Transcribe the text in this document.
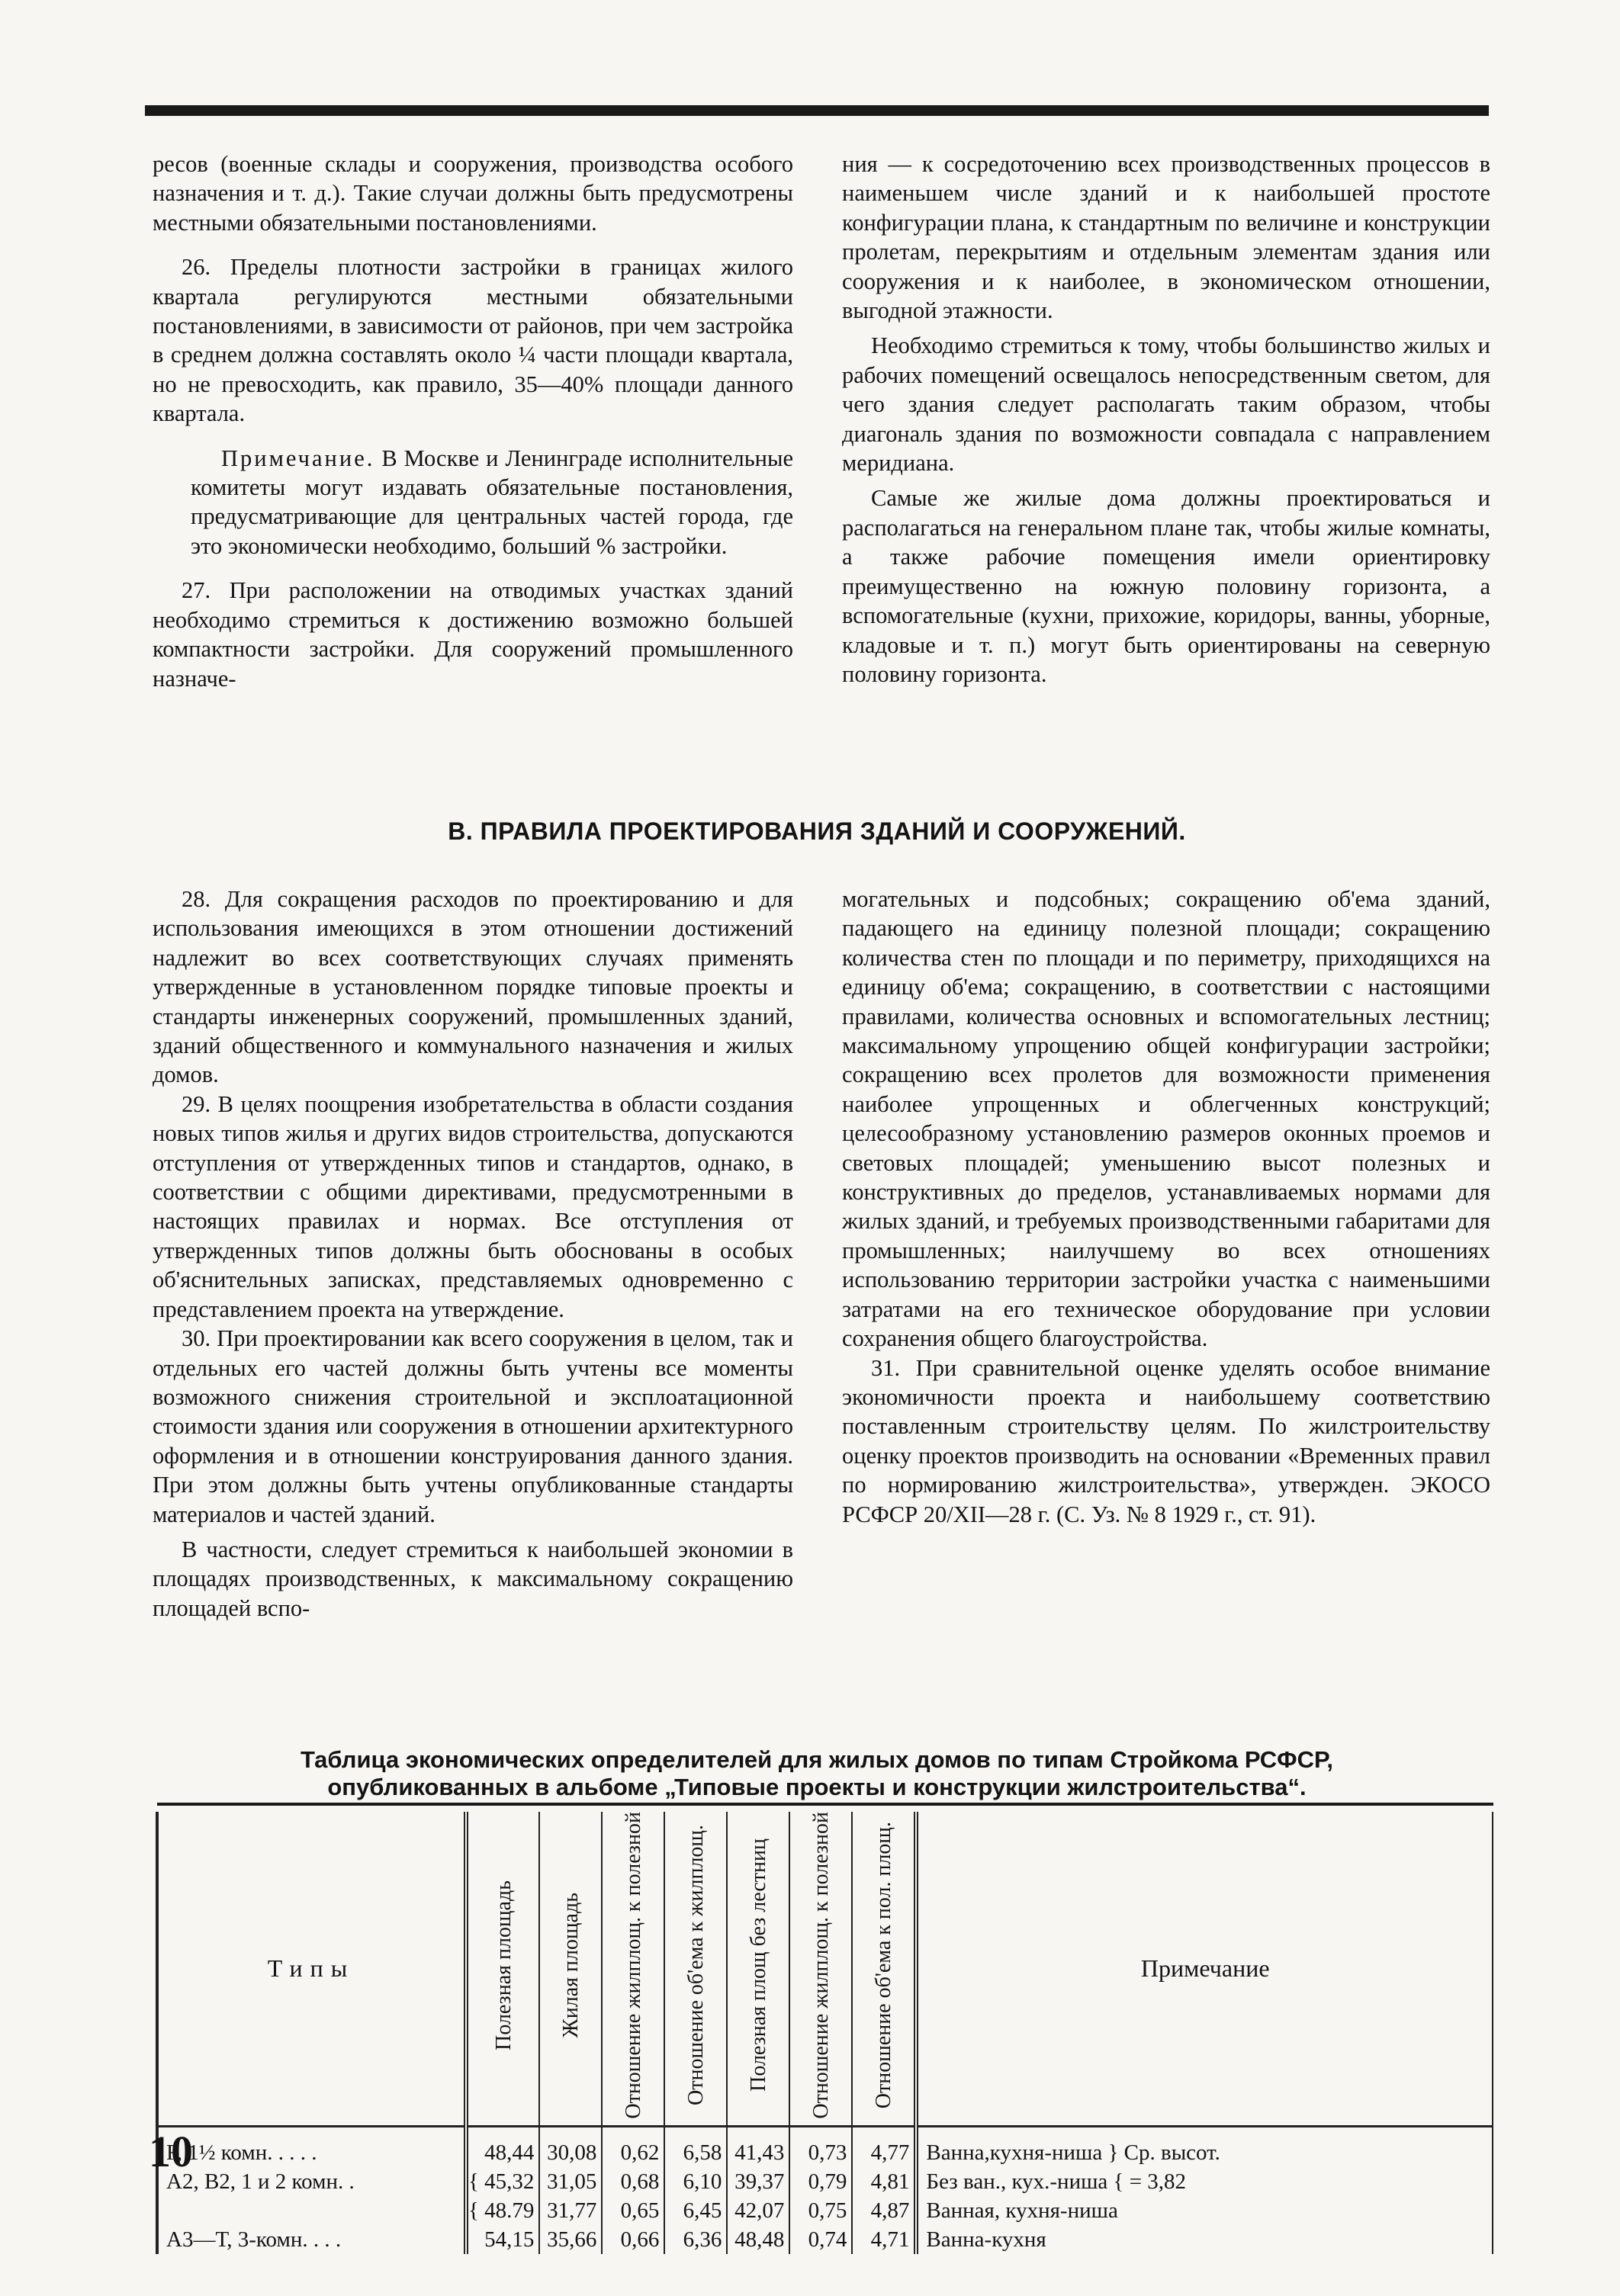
ресов (военные склады и сооружения, производства особого назначения и т. д.). Такие случаи должны быть предусмотрены местными обязательными постановлениями.

26. Пределы плотности застройки в границах жилого квартала регулируются местными обязательными постановлениями, в зависимости от районов, при чем застройка в среднем должна составлять около ¼ части площади квартала, но не превосходить, как правило, 35—40% площади данного квартала.

Примечание. В Москве и Ленинграде исполнительные комитеты могут издавать обязательные постановления, предусматривающие для центральных частей города, где это экономически необходимо, больший % застройки.

27. При расположении на отводимых участках зданий необходимо стремиться к достижению возможно большей компактности застройки. Для сооружений промышленного назначе-

ния — к сосредоточению всех производственных процессов в наименьшем числе зданий и к наибольшей простоте конфигурации плана, к стандартным по величине и конструкции пролетам, перекрытиям и отдельным элементам здания или сооружения и к наиболее, в экономическом отношении, выгодной этажности.

Необходимо стремиться к тому, чтобы большинство жилых и рабочих помещений освещалось непосредственным светом, для чего здания следует располагать таким образом, чтобы диагональ здания по возможности совпадала с направлением меридиана.

Самые же жилые дома должны проектироваться и располагаться на генеральном плане так, чтобы жилые комнаты, а также рабочие помещения имели ориентировку преимущественно на южную половину горизонта, а вспомогательные (кухни, прихожие, коридоры, ванны, уборные, кладовые и т. п.) могут быть ориентированы на северную половину горизонта.

В. ПРАВИЛА ПРОЕКТИРОВАНИЯ ЗДАНИЙ И СООРУЖЕНИЙ.

28. Для сокращения расходов по проектированию и для использования имеющихся в этом отношении достижений надлежит во всех соответствующих случаях применять утвержденные в установленном порядке типовые проекты и стандарты инженерных сооружений, промышленных зданий, зданий общественного и коммунального назначения и жилых домов.

29. В целях поощрения изобретательства в области создания новых типов жилья и других видов строительства, допускаются отступления от утвержденных типов и стандартов, однако, в соответствии с общими директивами, предусмотренными в настоящих правилах и нормах. Все отступления от утвержденных типов должны быть обоснованы в особых об'яснительных записках, представляемых одновременно с представлением проекта на утверждение.

30. При проектировании как всего сооружения в целом, так и отдельных его частей должны быть учтены все моменты возможного снижения строительной и эксплоатационной стоимости здания или сооружения в отношении архитектурного оформления и в отношении конструирования данного здания. При этом должны быть учтены опубликованные стандарты материалов и частей зданий.

В частности, следует стремиться к наибольшей экономии в площадях производственных, к максимальному сокращению площадей вспо-

могательных и подсобных; сокращению об'ема зданий, падающего на единицу полезной площади; сокращению количества стен по площади и по периметру, приходящихся на единицу об'ема; сокращению, в соответствии с настоящими правилами, количества основных и вспомогательных лестниц; максимальному упрощению общей конфигурации застройки; сокращению всех пролетов для возможности применения наиболее упрощенных и облегченных конструкций; целесообразному установлению размеров оконных проемов и световых площадей; уменьшению высот полезных и конструктивных до пределов, устанавливаемых нормами для жилых зданий, и требуемых производственными габаритами для промышленных; наилучшему во всех отношениях использованию территории застройки участка с наименьшими затратами на его техническое оборудование при условии сохранения общего благоустройства.

31. При сравнительной оценке уделять особое внимание экономичности проекта и наибольшему соответствию поставленным строительству целям. По жилстроительству оценку проектов производить на основании «Временных правил по нормированию жилстроительства», утвержден. ЭКОСО РСФСР 20/XII—28 г. (С. Уз. № 8 1929 г., ст. 91).

Таблица экономических определителей для жилых домов по типам Стройкома РСФСР,
опубликованных в альбоме „Типовые проекты и конструкции жилстроительства“.
Типы	Полезная площадь	Жилая площадь	Отношение жилплощ. к полезной	Отношение об'ема к жилплощ.	Полезная площ без лестниц	Отношение жилплощ. к полезной	Отношение об'ема к пол. площ.	Примечание
F, 1½ комн. . . . .	48,44	30,08	0,62	6,58	41,43	0,73	4,77	Ванна,кухня-ниша } Ср. высот.
А2, В2, 1 и 2 комн. .	{ 45,32	31,05	0,68	6,10	39,37	0,79	4,81	Без ван., кух.-ниша { = 3,82
	{ 48.79	31,77	0,65	6,45	42,07	0,75	4,87	Ванная, кухня-ниша
А3—Т, 3-комн. . . .	54,15	35,66	0,66	6,36	48,48	0,74	4,71	Ванна-кухня
10
